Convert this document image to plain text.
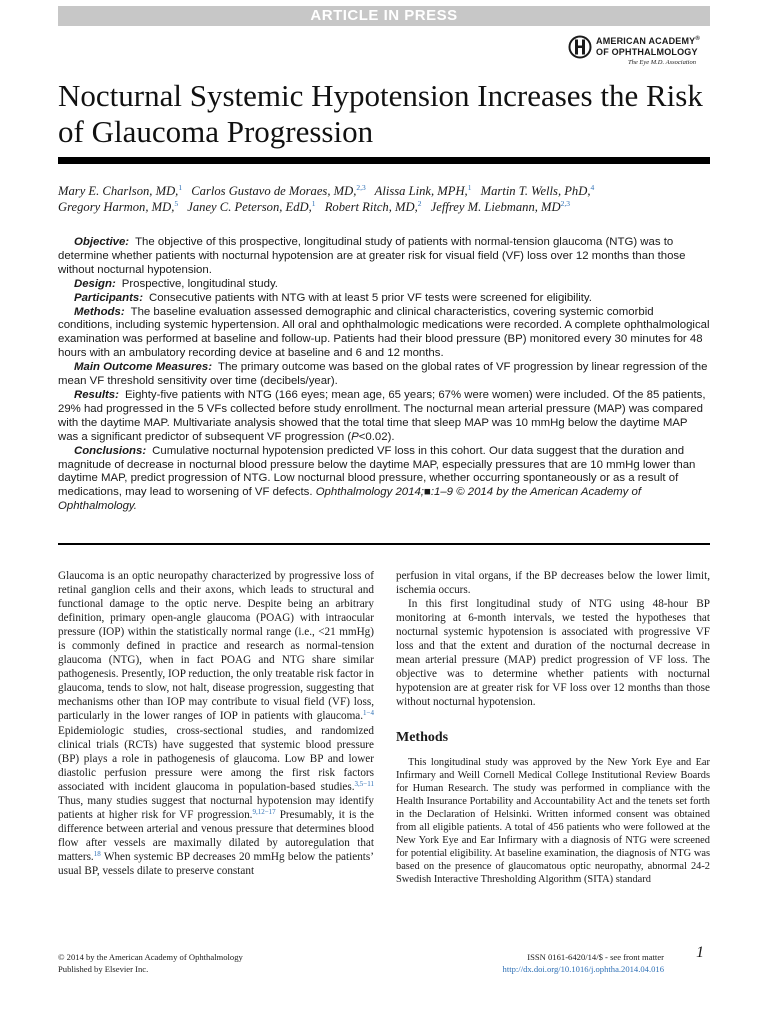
ARTICLE IN PRESS
AMERICAN ACADEMY®
OF OPHTHALMOLOGY
The Eye M.D. Association
Nocturnal Systemic Hypotension Increases the Risk of Glaucoma Progression
Mary E. Charlson, MD,$^1$ Carlos Gustavo de Moraes, MD,$^{2,3}$ Alissa Link, MPH,$^1$ Martin T. Wells, PhD,$^4$
Gregory Harmon, MD,$^5$ Janey C. Peterson, EdD,$^1$ Robert Ritch, MD,$^2$ Jeffrey M. Liebmann, MD$^{2,3}$

Objective: The objective of this prospective, longitudinal study of patients with normal-tension glaucoma (NTG) was to determine whether patients with nocturnal hypotension are at greater risk for visual field (VF) loss over 12 months than those without nocturnal hypotension.

Design: Prospective, longitudinal study.

Participants: Consecutive patients with NTG with at least 5 prior VF tests were screened for eligibility.

Methods: The baseline evaluation assessed demographic and clinical characteristics, covering systemic comorbid conditions, including systemic hypertension. All oral and ophthalmologic medications were recorded. A complete ophthalmological examination was performed at baseline and follow-up. Patients had their blood pressure (BP) monitored every 30 minutes for 48 hours with an ambulatory recording device at baseline and 6 and 12 months.

Main Outcome Measures: The primary outcome was based on the global rates of VF progression by linear regression of the mean VF threshold sensitivity over time (decibels/year).

Results: Eighty-five patients with NTG (166 eyes; mean age, 65 years; 67% were women) were included. Of the 85 patients, 29% had progressed in the 5 VFs collected before study enrollment. The nocturnal mean arterial pressure (MAP) was compared with the daytime MAP. Multivariate analysis showed that the total time that sleep MAP was 10 mmHg below the daytime MAP was a significant predictor of subsequent VF progression (P<0.02).

Conclusions: Cumulative nocturnal hypotension predicted VF loss in this cohort. Our data suggest that the duration and magnitude of decrease in nocturnal blood pressure below the daytime MAP, especially pressures that are 10 mmHg lower than daytime MAP, predict progression of NTG. Low nocturnal blood pressure, whether occurring spontaneously or as a result of medications, may lead to worsening of VF defects. Ophthalmology 2014;■:1–9 © 2014 by the American Academy of Ophthalmology.

Glaucoma is an optic neuropathy characterized by progressive loss of retinal ganglion cells and their axons, which leads to structural and functional damage to the optic nerve. Despite being an arbitrary definition, primary open-angle glaucoma (POAG) with intraocular pressure (IOP) within the statistically normal range (i.e., <21 mmHg) is commonly defined in practice and research as normal-tension glaucoma (NTG), when in fact POAG and NTG share similar pathogenesis. Presently, IOP reduction, the only treatable risk factor in glaucoma, tends to slow, not halt, disease progression, suggesting that mechanisms other than IOP may contribute to visual field (VF) loss, particularly in the lower ranges of IOP in patients with glaucoma.$^{1-4}$ Epidemiologic studies, cross-sectional studies, and randomized clinical trials (RCTs) have suggested that systemic blood pressure (BP) plays a role in pathogenesis of glaucoma. Low BP and lower diastolic perfusion pressure were among the first risk factors associated with incident glaucoma in population-based studies.$^{3,5-11}$ Thus, many studies suggest that nocturnal hypotension may identify patients at higher risk for VF progression.$^{9,12-17}$ Presumably, it is the difference between arterial and venous pressure that determines blood flow after vessels are maximally dilated by autoregulation that matters.$^{18}$ When systemic BP decreases 20 mmHg below the patients’ usual BP, vessels dilate to preserve constant

perfusion in vital organs, if the BP decreases below the lower limit, ischemia occurs.

In this first longitudinal study of NTG using 48-hour BP monitoring at 6-month intervals, we tested the hypotheses that nocturnal systemic hypotension is associated with progressive VF loss and that the extent and duration of the nocturnal decrease in mean arterial pressure (MAP) predict progression of VF loss. The objective was to determine whether patients with nocturnal hypotension are at greater risk for VF loss over 12 months than those without nocturnal hypotension.

Methods

This longitudinal study was approved by the New York Eye and Ear Infirmary and Weill Cornell Medical College Institutional Review Boards for Human Research. The study was performed in compliance with the Health Insurance Portability and Accountability Act and the tenets set forth in the Declaration of Helsinki. Written informed consent was obtained from all eligible patients. A total of 456 patients who were followed at the New York Eye and Ear Infirmary with a diagnosis of NTG were screened for potential eligibility. At baseline examination, the diagnosis of NTG was based on the presence of glaucomatous optic neuropathy, abnormal 24-2 Swedish Interactive Thresholding Algorithm (SITA) standard

© 2014 by the American Academy of Ophthalmology
Published by Elsevier Inc.
ISSN 0161-6420/14/$ - see front matter
http://dx.doi.org/10.1016/j.ophtha.2014.04.016
1
